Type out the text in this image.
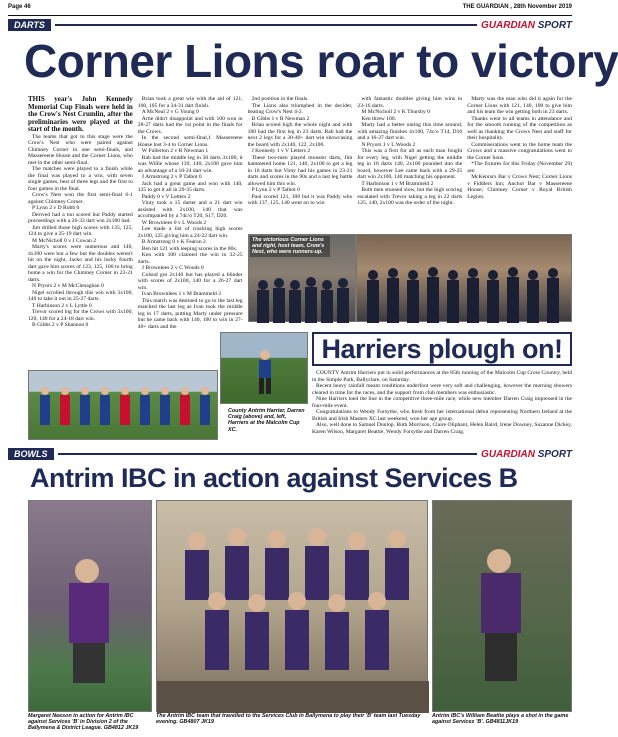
Page 46	THE GUARDIAN , 28th November 2019
DARTS	GUARDIAN SPORT
Corner Lions roar to victory

THIS year's John Kennedy Memorial Cup Finals were held in the Crow's Nest Crumlin, after the preliminaries were played at the start of the month.

The teams that got to this stage were the Crow's Nest who were paired against Chimney Corner in one semi-finals, and Massereene House and the Corner Lions, who met in the other semi-final.

The matches were played to a finish while the final was played to a win, with seven single games, best of three legs and the first to four games in the final.

Crow's Nest won the first semi-final 6-1 against Chimney Corner.

P Lynn 2 v D Robb 0

Derived had a ton scored but Paddy started proceedings with a 26-33 dart win 2x180 had.

Jim drilled those high scores with 135, 125, 124 to give a 25-19 dart win.

M McNicholl 0 v J Cowan 2

Marty's scores were numerous and 140, 4x100 were but a few but the doubles weren't hit on the night, Jacko and his lucky fourth dart gave him scores of 123, 125, 100 to bring home a win for the Chimney Corner in 23-21 darts.

N Pryors 2 v M McClenaghan 0

Nigel scrolled through this win with 3x100, 140 to take it out in 25-27 darts.

T Harbinson 2 v L Lyttle 0

Trevor scored big for the Crows with 3x100, 120, 140 for a 24-18 dart win.

B Gibbs 2 v P Shannon 0

Brian took a great win with the aid of 121, 100, 105 for a 34-31 dart finish.

A McNeal 2 v G Young 0

Artie didn't disappoint and with 100 won in 28-27 darts had the 1st point in the finals for the Crows.

In the second semi-final,1 Massereene House lost 3-4 to Corner Lions.

W Fullerton 2 v R Newman 1

Rab had the middle leg in 30 darts 3x100, it was Willie whose 139, 140, 2x100 gave him an advantage of a 18-24 dart win.

J Armstrong 2 v P Talbot 0

Jack had a great game and won with 140, 125 to get it all in 29-35 darts.

Paddy 0 v V Letters 2

Vinty took a 15 darter and a 21 dart win assisted with 2x100, 140 that was accompanied by a 74c/o T20, S17, D20.

W Brownlees 0 v L Woods 2

Lee made a list of cracking high scores 2x100, 125 giving him a 24-22 dart win.

B Armstrong 0 v K Fearon 2

Ben hit 121 with leeping scores in the 80s.

Ken with 100 claimed the win in 32-25 darts.

J Brownlees 2 v C Woods 0

Colsud got 2x140 but has played a blinder with scores of 2x100, 140 for a 26-27 dart win.

Ivan Brownlees 1 v M Brammeld 2

This match was destined to go to the last leg matched the last leg as Ivan took the middle leg in 17 darts, putting Marty under pressure but he came back with 140, 100 to win in 27-40+ darts and the

2nd position in the finals.

The Lions also triumphed in the decider, beating Crow's Nest 4-2.

B Gibbs 1 v R Newman 2

Brian scored high the whole night and with 180 had the first leg in 23 darts. Rab had the next 2 legs for a 30-40+ dart win showcasing the board with 2x140, 122, 2x100.

J Kennedy 1 v V Letters 2

These two-men played monster darts, Jim hammered home 121, 140, 2x100 to get a leg in 16 darts but Vinty had his games in 23-21 darts and scores in the 90s and a last leg battle allowed him this win.

P Lynn 2 v P Talbot 0

Paul scored 121, 100 but it was Paddy who with 137, 125, 140 went on to win

with fantastic doubles giving him wins in 23-16 darts.

M McNicholl 2 v K Thursby 0

Ken threw 100.

Marty had a better outing this time around, with amazing finishes 4x100, 74c/o T14, D16 and a 16-27 dart win.

N Pryors 1 v L Woods 2

This was a first for all as each man fought for every leg, with Nigel getting the middle leg in 18 darts 140, 2x100 pounded into the board, however Lee came back with a 29-25 dart win 2x100, 140 matching his opponent.

T Harbinson 1 v M Brammeld 2

Both men stunned slow, but the high scoring escalated with Trevor taking a leg in 22 darts 125, 140, 2x100 was the order of the night.

Marty was the man who did it again for the Corner Lions with 121, 140, 100 to give him and his team the win getting both in 23 darts.

Thanks went to all teams in attendance and for the smooth running of the competition as well as thanking the Crows Nest and staff for their hospitality.

Commiserations went to the home team the Crows and a massive congratulations went to the Corner lions.

*The fixtures for this Friday (November 29) are:

McKenna's Bar v Crows Nest; Corner Lions v Fiddlers Inn; Anchor Bar v Massereene House; Chimney Corner v Royal British Legion.

The victorious Corner Lions and right, host team, Crow's Nest, who were runners-up.
County Antrim Harrier, Darren Craig (above) and, left, Harriers at the Malcolm Cup XC.
Harriers plough on!

COUNTY Antrim Harriers put in solid performances at the 85th running of the Malcolm Cup Cross Country, held in the Simple Park, Ballyclare, on Saturday.

Recent heavy rainfall meant conditions underfoot were very soft and challenging, however the morning showers cleared in time for the races, and the support from club members was enthusiastic.

Nine Harriers toed the line in the competitive three-mile race, while new member Darren Craig impressed in the four-mile event.

Congratulations to Wendy Forsythe, who fresh from her international debut representing Northern Ireland at the British and Irish Masters XC last weekend, won her age group.

Also, well done to Samuel Dunlop, Ruth Morrison, Claire Oliphant, Helen Baird, Irene Downey, Suzanne Dickey, Karen Wilson, Margaret Beattie, Wendy Forsythe and Darren Craig.

BOWLS	GUARDIAN SPORT
Antrim IBC in action against Services B
Margaret Neeson in action for Antrim IBC against Services 'B' in Division 2 of the Ballymena & District League. GB4812 JK19
The Antrim IBC team that travelled to the Services Club in Ballymena to play their 'B' team last Tuesday evening. GB4807 JK19
Antrim IBC's William Beattie plays a shot in the game against Services 'B'. GB4811JK19
